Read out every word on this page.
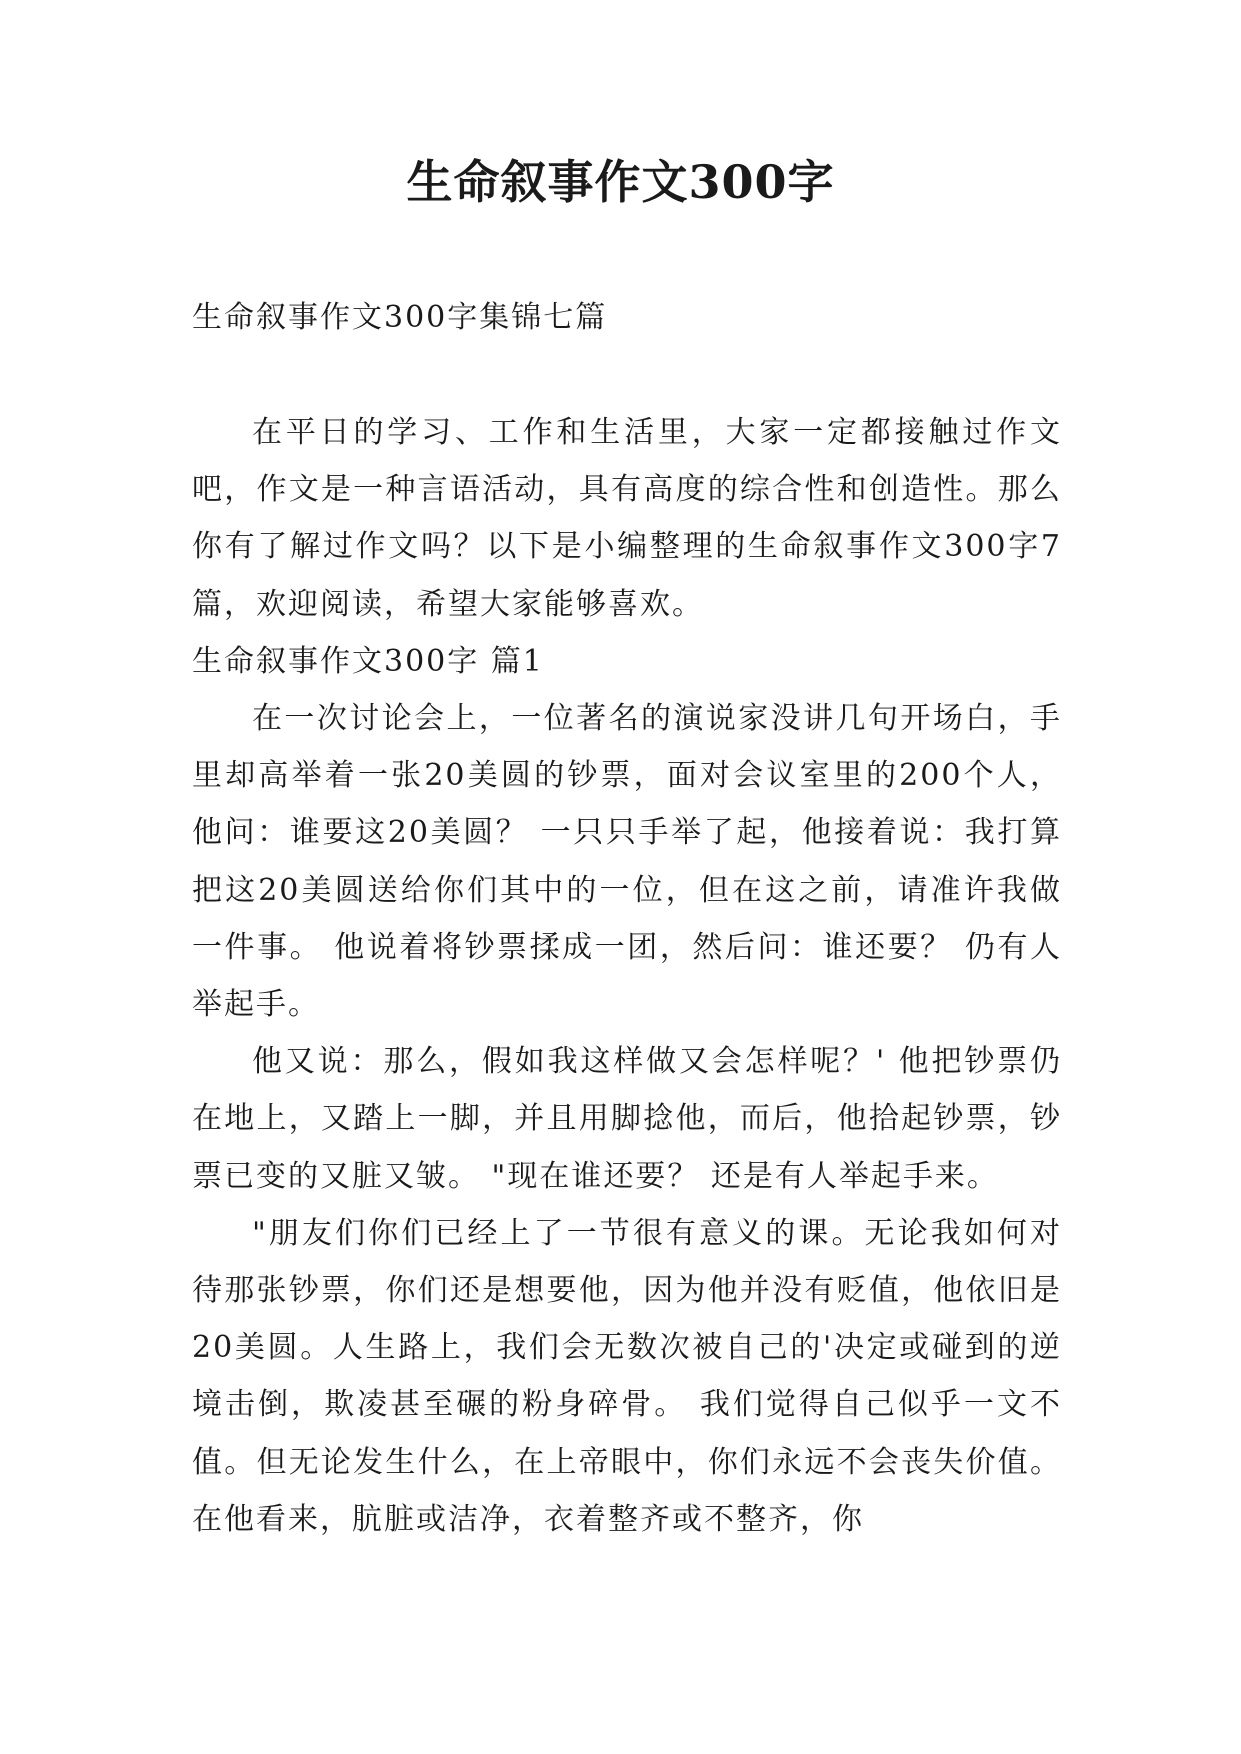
生命叙事作文300字
生命叙事作文300字集锦七篇

在平日的学习、工作和生活里，大家一定都接触过作文吧，作文是一种言语活动，具有高度的综合性和创造性。那么你有了解过作文吗？以下是小编整理的生命叙事作文300字7篇，欢迎阅读，希望大家能够喜欢。

生命叙事作文300字 篇1

在一次讨论会上，一位著名的演说家没讲几句开场白，手里却高举着一张20美圆的钞票，面对会议室里的200个人，他问：谁要这20美圆？ 一只只手举了起，他接着说：我打算把这20美圆送给你们其中的一位，但在这之前，请准许我做一件事。 他说着将钞票揉成一团，然后问：谁还要？ 仍有人举起手。

他又说：那么，假如我这样做又会怎样呢？' 他把钞票仍在地上，又踏上一脚，并且用脚捻他，而后，他拾起钞票，钞票已变的又脏又皱。 "现在谁还要？ 还是有人举起手来。

"朋友们你们已经上了一节很有意义的课。无论我如何对待那张钞票，你们还是想要他，因为他并没有贬值，他依旧是20美圆。人生路上，我们会无数次被自己的'决定或碰到的逆境击倒，欺凌甚至碾的粉身碎骨。 我们觉得自己似乎一文不值。但无论发生什么，在上帝眼中，你们永远不会丧失价值。在他看来，肮脏或洁净，衣着整齐或不整齐，你
